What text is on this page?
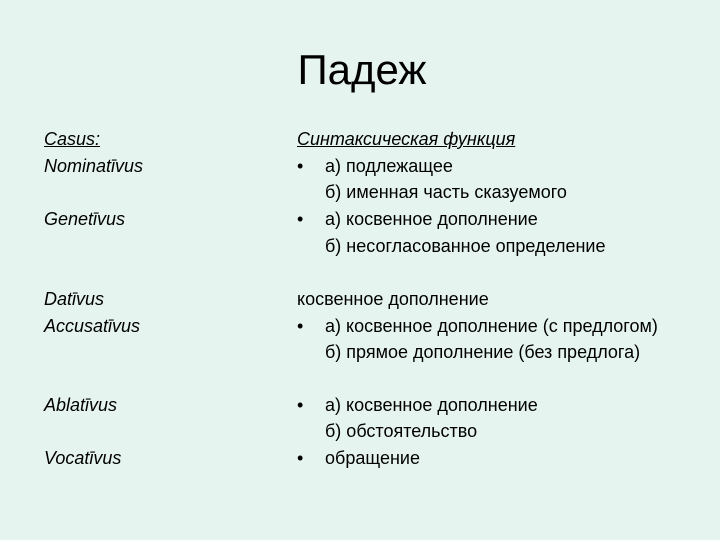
Падеж
Casus:
Nominatīvus
Genetīvus
Datīvus
Accusatīvus
Ablatīvus
Vocatīvus
Синтаксическая функция
• а) подлежащее
б) именная часть сказуемого
• а) косвенное дополнение
б) несогласованное определение
косвенное дополнение
• а) косвенное дополнение (с предлогом)
б) прямое дополнение (без предлога)
• а) косвенное дополнение
б) обстоятельство
• обращение
